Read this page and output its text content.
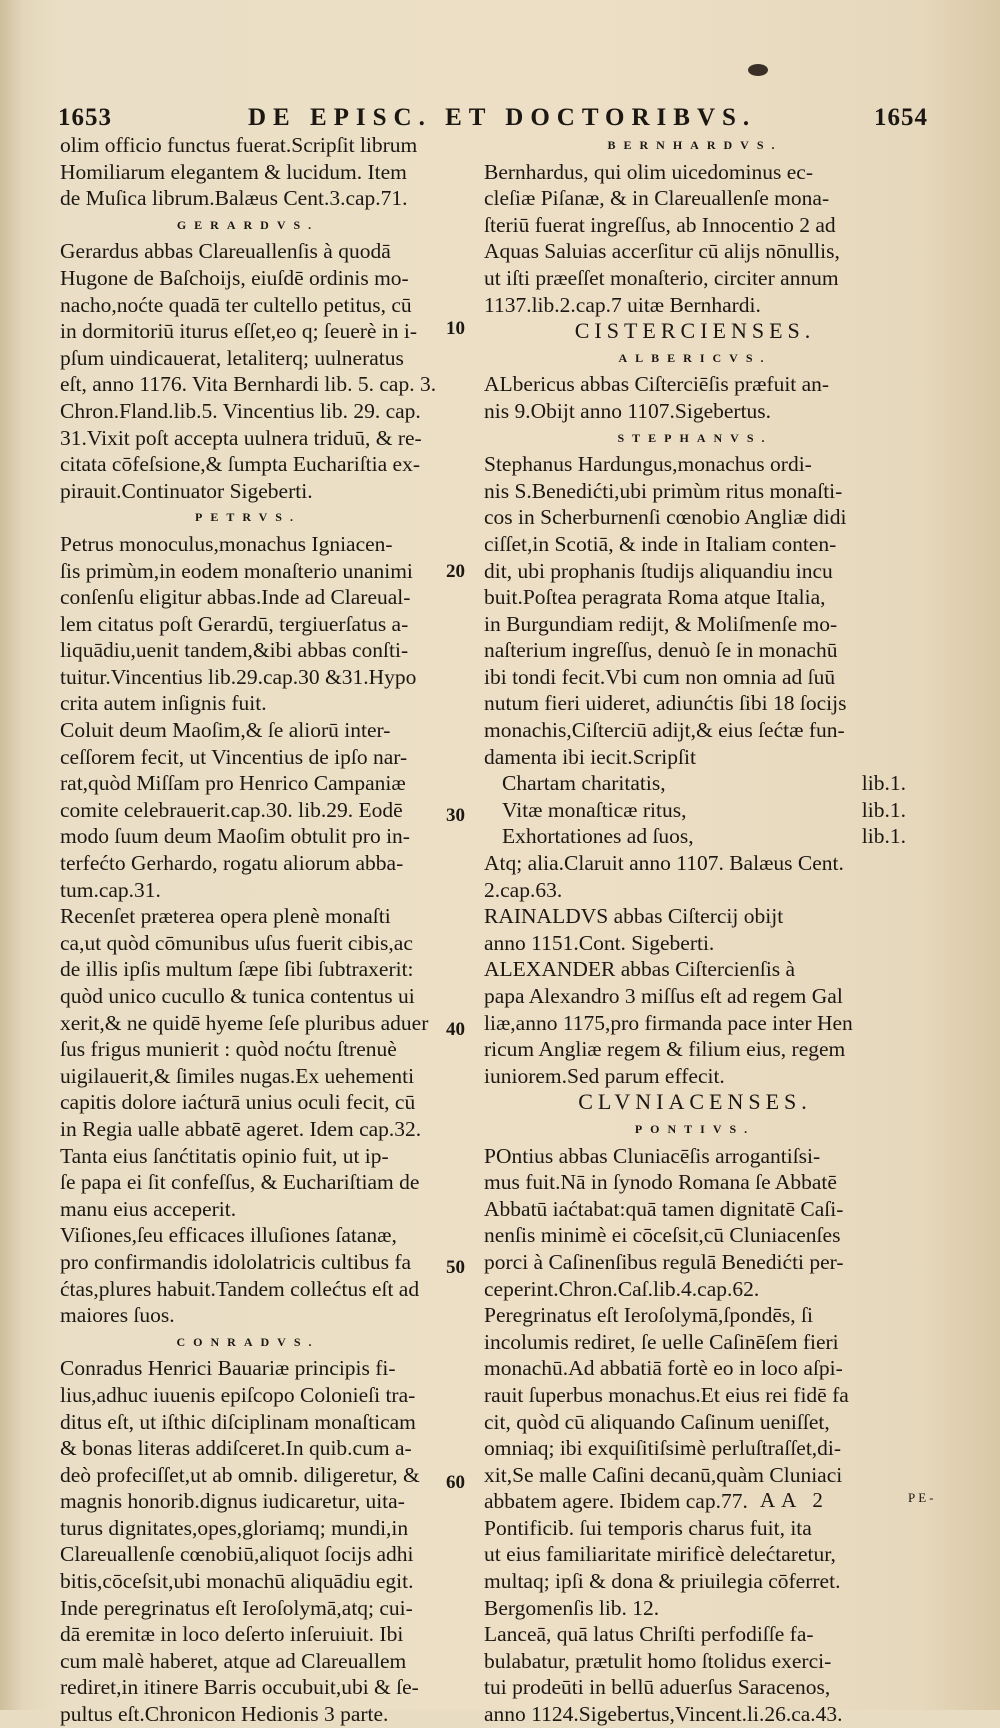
1653	DE EPISC. ET DOCTORIBVS.	1654
olim officio functus fuerat.Scripſit librum
Homiliarum elegantem & lucidum. Item
de Muſica librum.Balæus Cent.3.cap.71.
GERARDVS.
Gerardus abbas Clareuallenſis à quodā
Hugone de Baſchoijs, eiuſdē ordinis mo-
nacho,noćte quadā ter cultello petitus, cū
in dormitoriū iturus eſſet,eo q; ſeuerè in i-
pſum uindicauerat, letaliterq; uulneratus
eſt, anno 1176. Vita Bernhardi lib. 5. cap. 3.
Chron.Fland.lib.5. Vincentius lib. 29. cap.
31.Vixit poſt accepta uulnera triduū, & re-
citata cōfeſsione,& ſumpta Euchariſtia ex-
pirauit.Continuator Sigeberti.
PETRVS.
Petrus monoculus,monachus Igniacen-
ſis primùm,in eodem monaſterio unanimi
conſenſu eligitur abbas.Inde ad Clareual-
lem citatus poſt Gerardū, tergiuerſatus a-
liquādiu,uenit tandem,&ibi abbas conſti-
tuitur.Vincentius lib.29.cap.30 &31.Hypo
crita autem inſignis fuit.
Coluit deum Maoſim,& ſe aliorū inter-
ceſſorem fecit, ut Vincentius de ipſo nar-
rat,quòd Miſſam pro Henrico Campaniæ
comite celebrauerit.cap.30. lib.29. Eodē
modo ſuum deum Maoſim obtulit pro in-
terfećto Gerhardo, rogatu aliorum abba-
tum.cap.31.
Recenſet præterea opera plenè monaſti
ca,ut quòd cōmunibus uſus fuerit cibis,ac
de illis ipſis multum ſæpe ſibi ſubtraxerit:
quòd unico cucullo & tunica contentus ui
xerit,& ne quidē hyeme ſeſe pluribus aduer
ſus frigus munierit : quòd noćtu ſtrenuè
uigilauerit,& ſimiles nugas.Ex uehementi
capitis dolore iaćturā unius oculi fecit, cū
in Regia ualle abbatē ageret. Idem cap.32.
Tanta eius ſanćtitatis opinio fuit, ut ip-
ſe papa ei ſit confeſſus, & Euchariſtiam de
manu eius acceperit.
Viſiones,ſeu efficaces illuſiones ſatanæ,
pro confirmandis idololatricis cultibus fa
ćtas,plures habuit.Tandem collećtus eſt ad
maiores ſuos.
CONRADVS.
Conradus Henrici Bauariæ principis fi-
lius,adhuc iuuenis epiſcopo Colonieſi tra-
ditus eſt, ut iſthic diſciplinam monaſticam
& bonas literas addiſceret.In quib.cum a-
deò profeciſſet,ut ab omnib. diligeretur, &
magnis honorib.dignus iudicaretur, uita-
turus dignitates,opes,gloriamq; mundi,in
Clareuallenſe cœnobiū,aliquot ſocijs adhi
bitis,cōceſsit,ubi monachū aliquādiu egit.
Inde peregrinatus eſt Ieroſolymā,atq; cui-
dā eremitæ in loco deſerto inſeruiuit. Ibi
cum malè haberet, atque ad Clareuallem
rediret,in itinere Barris occubuit,ubi & ſe-
pultus eſt.Chronicon Hedionis 3 parte.
BERNHARDVS.
Bernhardus, qui olim uicedominus ec-
cleſiæ Piſanæ, & in Clareuallenſe mona-
ſteriū fuerat ingreſſus, ab Innocentio 2 ad
Aquas Saluias accerſitur cū alijs nōnullis,
ut iſti præeſſet monaſterio, circiter annum
1137.lib.2.cap.7 uitæ Bernhardi.
CISTERCIENSES.
ALBERICVS.
ALbericus abbas Ciſterciēſis præfuit an-
nis 9.Obijt anno 1107.Sigebertus.
STEPHANVS.
Stephanus Hardungus,monachus ordi-
nis S.Benedićti,ubi primùm ritus monaſti-
cos in Scherburnenſi cœnobio Angliæ didi
ciſſet,in Scotiā, & inde in Italiam conten-
dit, ubi prophanis ſtudijs aliquandiu incu
buit.Poſtea peragrata Roma atque Italia,
in Burgundiam redijt, & Moliſmenſe mo-
naſterium ingreſſus, denuò ſe in monachū
ibi tondi fecit.Vbi cum non omnia ad ſuū
nutum fieri uideret, adiunćtis ſibi 18 ſocijs
monachis,Ciſterciū adijt,& eius ſećtæ fun-
damenta ibi iecit.Scripſit
Chartam charitatis,	lib.1.
Vitæ monaſticæ ritus,	lib.1.
Exhortationes ad ſuos,	lib.1.
Atq; alia.Claruit anno 1107. Balæus Cent.
2.cap.63.
RAINALDVS abbas Ciſtercij obijt
anno 1151.Cont. Sigeberti.
ALEXANDER abbas Ciſtercienſis à
papa Alexandro 3 miſſus eſt ad regem Gal
liæ,anno 1175,pro firmanda pace inter Hen
ricum Angliæ regem & filium eius, regem
iuniorem.Sed parum effecit.
CLVNIACENSES.
PONTIVS.
POntius abbas Cluniacēſis arrogantiſsi-
mus fuit.Nā in ſynodo Romana ſe Abbatē
Abbatū iaćtabat:quā tamen dignitatē Caſi-
nenſis minimè ei cōceſsit,cū Cluniacenſes
porci à Caſinenſibus regulā Benedićti per-
ceperint.Chron.Caſ.lib.4.cap.62.
Peregrinatus eſt Ieroſolymā,ſpondēs, ſi
incolumis rediret, ſe uelle Caſinēſem fieri
monachū.Ad abbatiā fortè eo in loco aſpi-
rauit ſuperbus monachus.Et eius rei fidē fa
cit, quòd cū aliquando Caſinum ueniſſet,
omniaq; ibi exquiſitiſsimè perluſtraſſet,di-
xit,Se malle Caſini decanū,quàm Cluniaci
abbatem agere. Ibidem cap.77.
Pontificib. ſui temporis charus fuit, ita
ut eius familiaritate mirificè delećtaretur,
multaq; ipſi & dona & priuilegia cōferret.
Bergomenſis lib. 12.
Lanceā, quā latus Chriſti perfodiſſe fa-
bulabatur, prætulit homo ſtolidus exerci-
tui prodeūti in bellū aduerſus Saracenos,
anno 1124.Sigebertus,Vincent.li.26.ca.43.
10
20
30
40
50
60
AA 2	PE-
